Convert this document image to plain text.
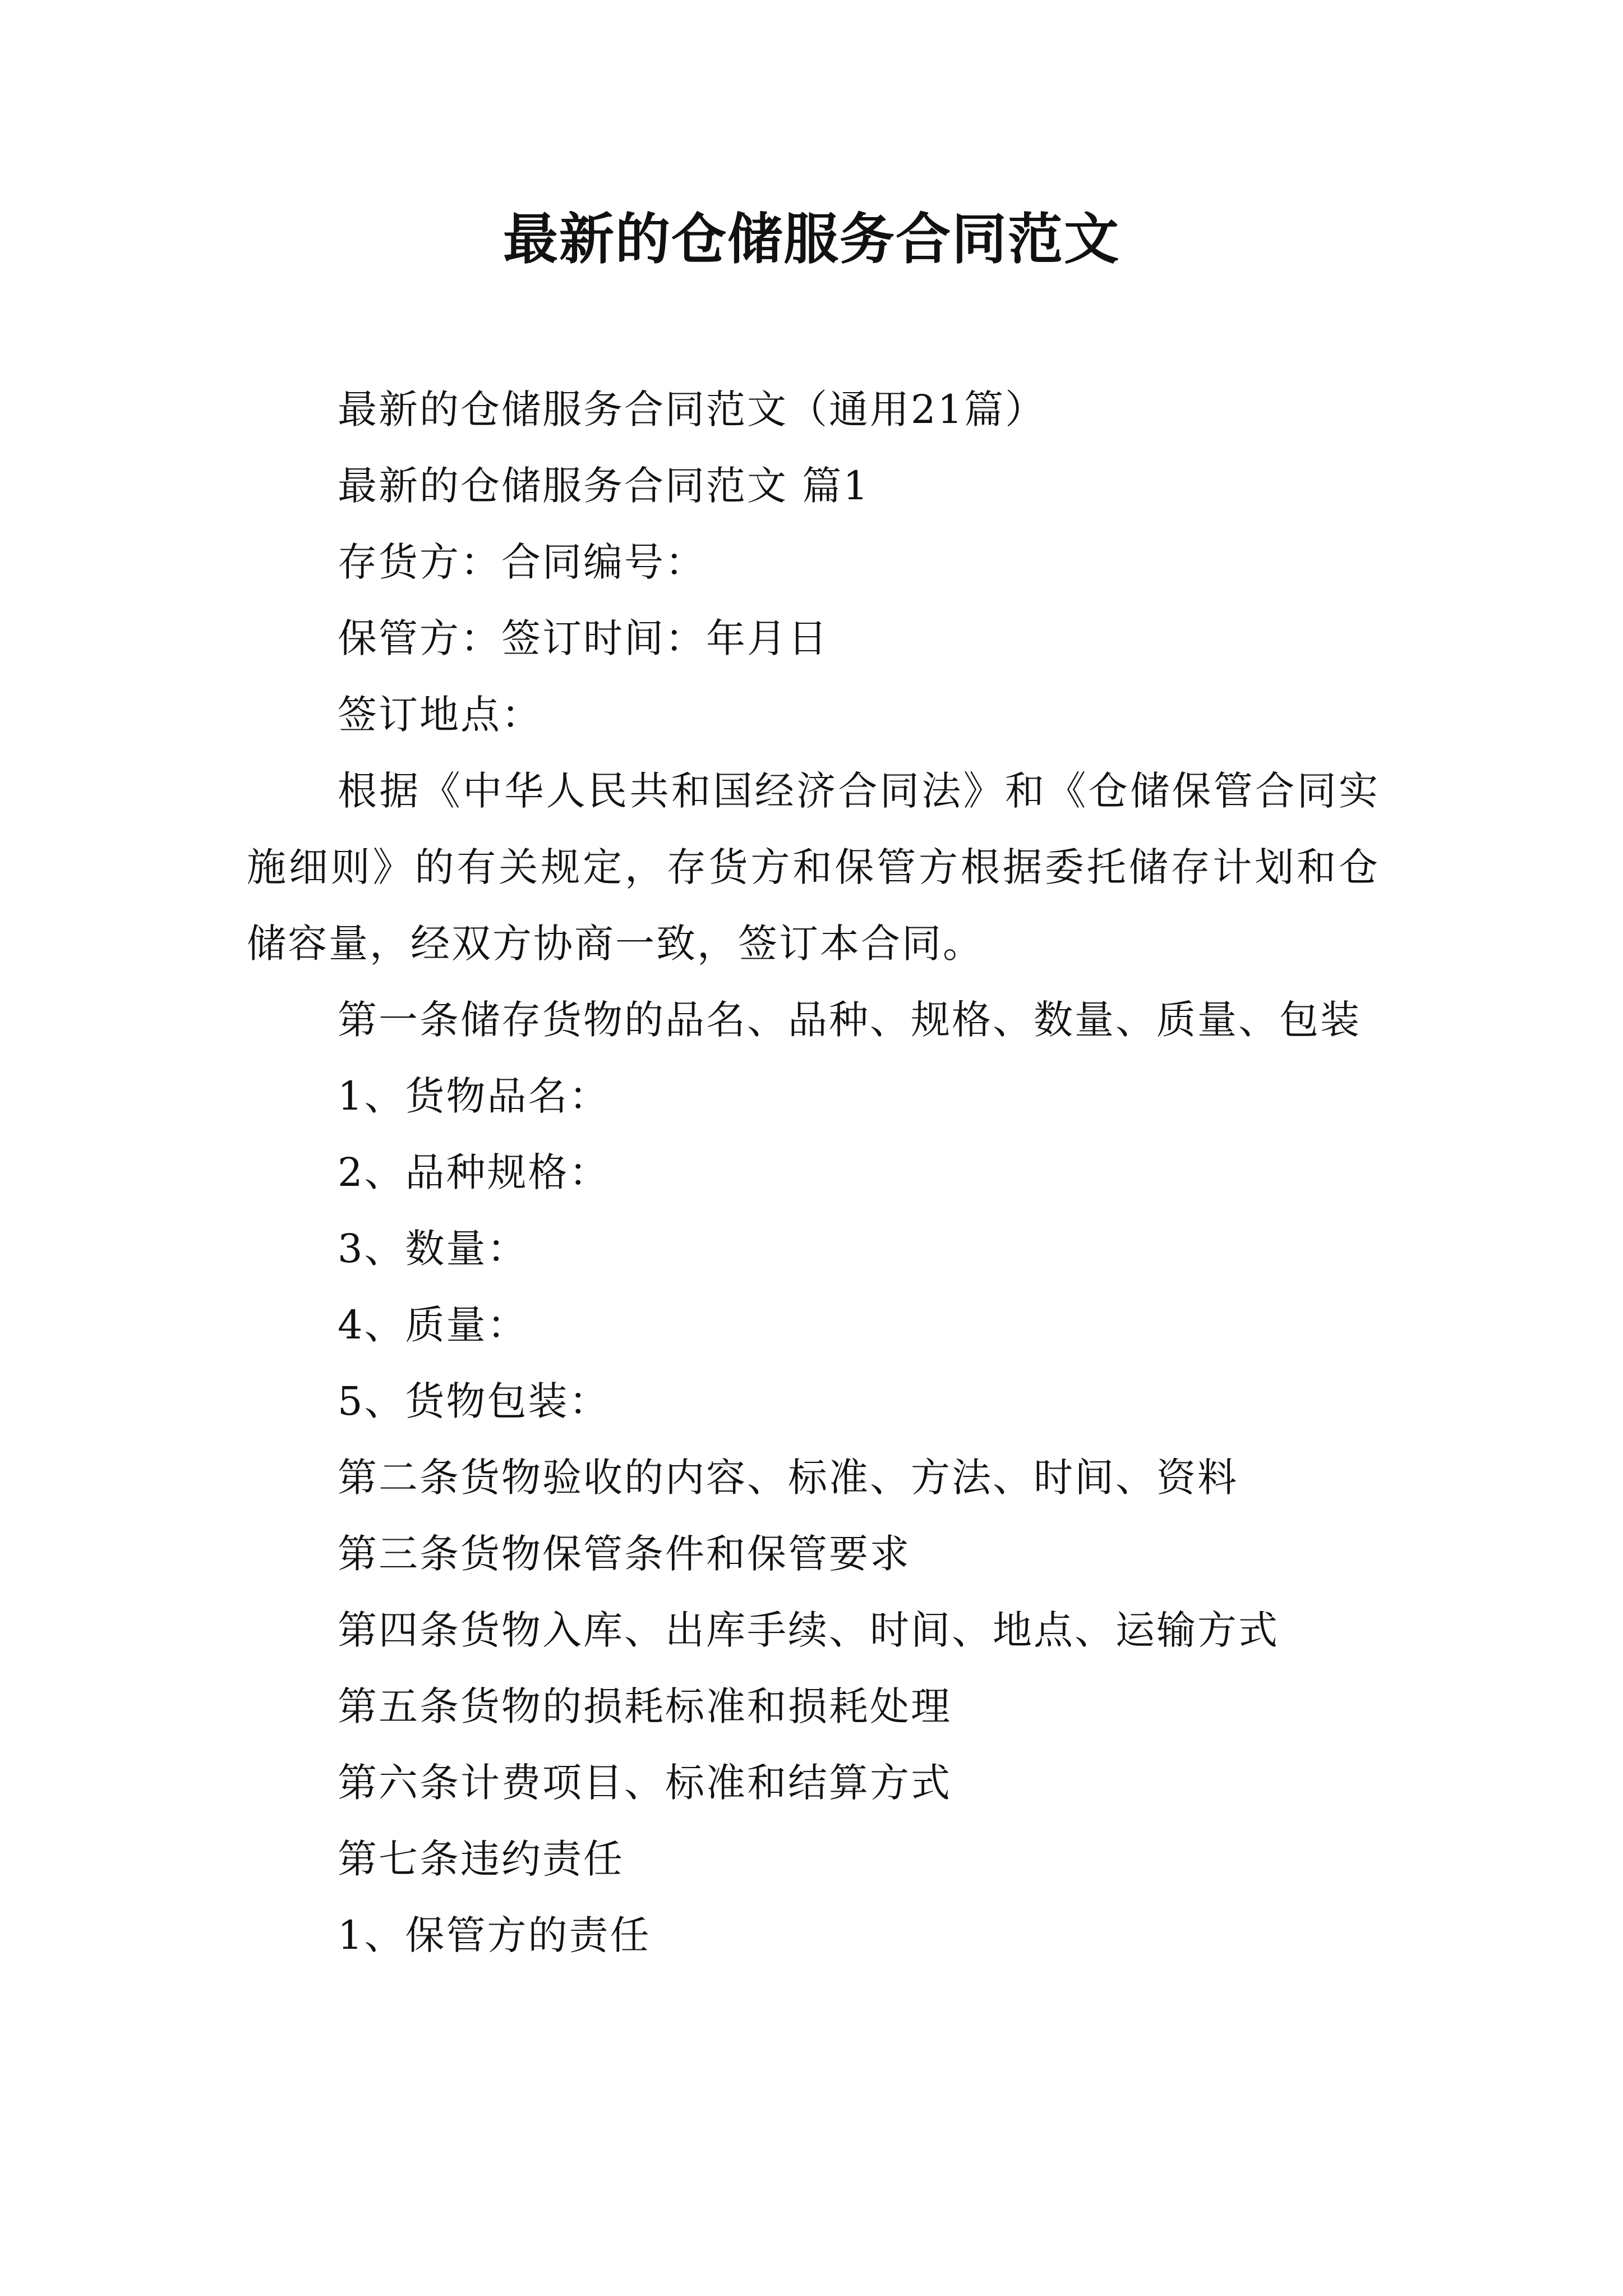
最新的仓储服务合同范文

最新的仓储服务合同范文（通用21篇）

最新的仓储服务合同范文 篇1

存货方：合同编号：

保管方：签订时间：年月日

签订地点：

根据《中华人民共和国经济合同法》和《仓储保管合同实施细则》的有关规定，存货方和保管方根据委托储存计划和仓储容量，经双方协商一致，签订本合同。

第一条储存货物的品名、品种、规格、数量、质量、包装

1、货物品名：

2、品种规格：

3、数量：

4、质量：

5、货物包装：

第二条货物验收的内容、标准、方法、时间、资料

第三条货物保管条件和保管要求

第四条货物入库、出库手续、时间、地点、运输方式

第五条货物的损耗标准和损耗处理

第六条计费项目、标准和结算方式

第七条违约责任

1、保管方的责任
